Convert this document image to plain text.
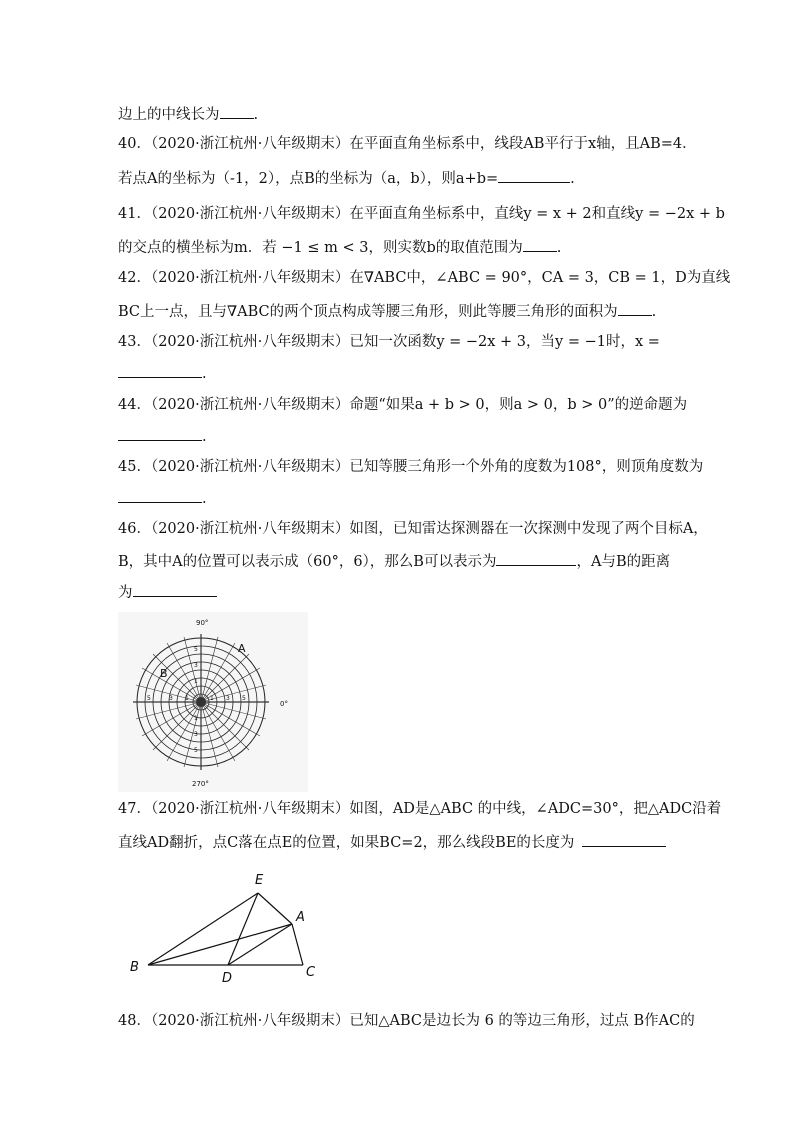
边上的中线长为 .
40．（2020·浙江杭州·八年级期末）在平面直角坐标系中，线段AB平行于x轴，且AB=4．
若点A的坐标为（-1，2），点B的坐标为（a，b），则a+b=	.
41．（2020·浙江杭州·八年级期末）在平面直角坐标系中，直线y = x + 2和直线y = −2x + b
的交点的横坐标为m．若 −1 ≤ m < 3，则实数b的取值范围为 .
42．（2020·浙江杭州·八年级期末）在∇ABC中，∠ABC = 90°，CA = 3，CB = 1，D为直线
BC上一点，且与∇ABC的两个顶点构成等腰三角形，则此等腰三角形的面积为 .
43．（2020·浙江杭州·八年级期末）已知一次函数y = −2x + 3，当y = −1时，x =
.
44．（2020·浙江杭州·八年级期末）命题“如果a + b > 0，则a > 0，b > 0”的逆命题为
.
45．（2020·浙江杭州·八年级期末）已知等腰三角形一个外角的度数为108°，则顶角度数为
.
46．（2020·浙江杭州·八年级期末）如图，已知雷达探测器在一次探测中发现了两个目标A，
B，其中A的位置可以表示成（60°，6），那么B可以表示为	，A与B的距离
为
90°
0°
270°
A
B
5
3
1
1 3 5
1
3
5
1
3
5
47．（2020·浙江杭州·八年级期末）如图，AD是△ABC 的中线，∠ADC=30°，把△ADC沿着
直线AD翻折，点C落在点E的位置，如果BC=2，那么线段BE的长度为
E
A
B
D	C
48．（2020·浙江杭州·八年级期末）已知△ABC是边长为 6 的等边三角形，过点 B作AC的
